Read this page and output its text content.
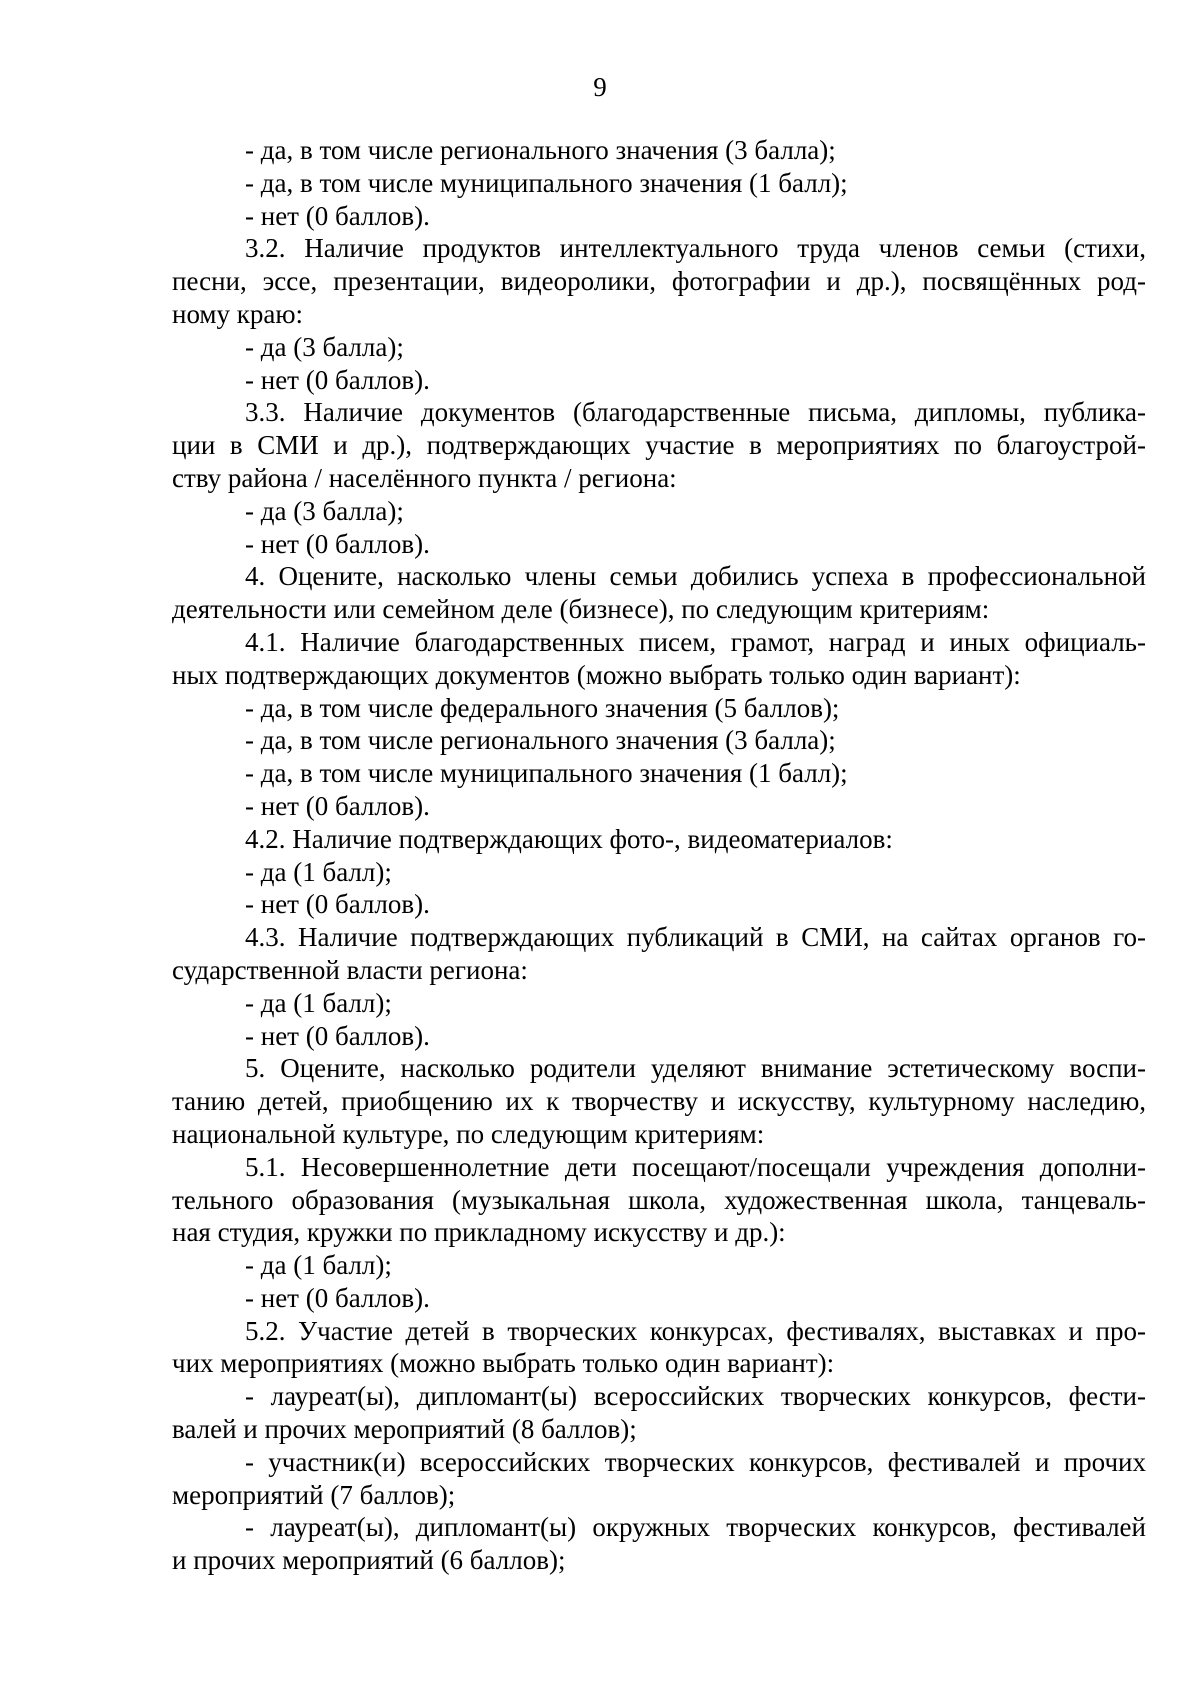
9
- да, в том числе регионального значения (3 балла);
- да, в том числе муниципального значения (1 балл);
- нет (0 баллов).
3.2. Наличие продуктов интеллектуального труда членов семьи (стихи,
песни, эссе, презентации, видеоролики, фотографии и др.), посвящённых род-
ному краю:
- да (3 балла);
- нет (0 баллов).
3.3. Наличие документов (благодарственные письма, дипломы, публика-
ции в СМИ и др.), подтверждающих участие в мероприятиях по благоустрой-
ству района / населённого пункта / региона:
- да (3 балла);
- нет (0 баллов).
4. Оцените, насколько члены семьи добились успеха в профессиональной
деятельности или семейном деле (бизнесе), по следующим критериям:
4.1. Наличие благодарственных писем, грамот, наград и иных официаль-
ных подтверждающих документов (можно выбрать только один вариант):
- да, в том числе федерального значения (5 баллов);
- да, в том числе регионального значения (3 балла);
- да, в том числе муниципального значения (1 балл);
- нет (0 баллов).
4.2. Наличие подтверждающих фото-, видеоматериалов:
- да (1 балл);
- нет (0 баллов).
4.3. Наличие подтверждающих публикаций в СМИ, на сайтах органов го-
сударственной власти региона:
- да (1 балл);
- нет (0 баллов).
5. Оцените, насколько родители уделяют внимание эстетическому воспи-
танию детей, приобщению их к творчеству и искусству, культурному наследию,
национальной культуре, по следующим критериям:
5.1. Несовершеннолетние дети посещают/посещали учреждения дополни-
тельного образования (музыкальная школа, художественная школа, танцеваль-
ная студия, кружки по прикладному искусству и др.):
- да (1 балл);
- нет (0 баллов).
5.2. Участие детей в творческих конкурсах, фестивалях, выставках и про-
чих мероприятиях (можно выбрать только один вариант):
- лауреат(ы), дипломант(ы) всероссийских творческих конкурсов, фести-
валей и прочих мероприятий (8 баллов);
- участник(и) всероссийских творческих конкурсов, фестивалей и прочих
мероприятий (7 баллов);
- лауреат(ы), дипломант(ы) окружных творческих конкурсов, фестивалей
и прочих мероприятий (6 баллов);
